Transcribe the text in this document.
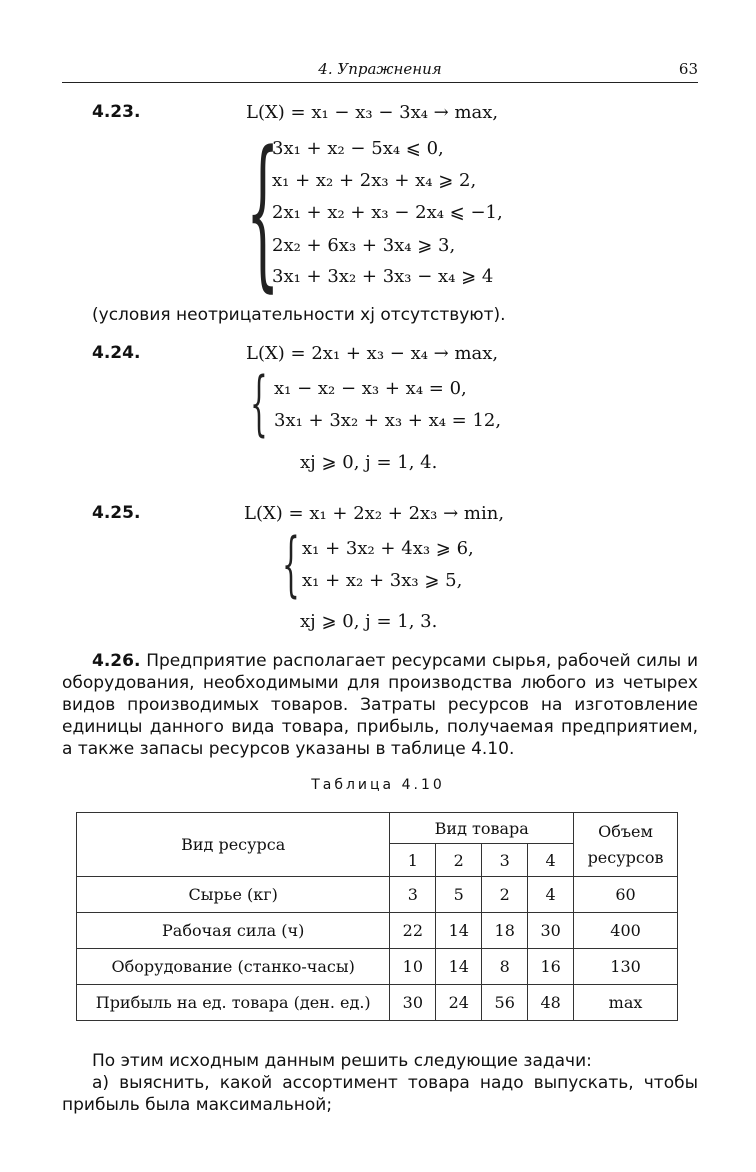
4. Упражнения	63
4.23.	L(X) = x₁ − x₃ − 3x₄ → max,
{
3x₁ + x₂ − 5x₄ ⩽ 0,
x₁ + x₂ + 2x₃ + x₄ ⩾ 2,
2x₁ + x₂ + x₃ − 2x₄ ⩽ −1,
2x₂ + 6x₃ + 3x₄ ⩾ 3,
3x₁ + 3x₂ + 3x₃ − x₄ ⩾ 4
(условия неотрицательности xj отсутствуют).
4.24.	L(X) = 2x₁ + x₃ − x₄ → max,
{ x₁ − x₂ − x₃ + x₄ = 0,
3x₁ + 3x₂ + x₃ + x₄ = 12,
xj ⩾ 0, j = 1, 4.
4.25.	L(X) = x₁ + 2x₂ + 2x₃ → min,
{ x₁ + 3x₂ + 4x₃ ⩾ 6,
x₁ + x₂ + 3x₃ ⩾ 5,
xj ⩾ 0, j = 1, 3.
4.26. Предприятие располагает ресурсами сырья, рабочей силы и оборудования, необходимыми для производства любого из четырех видов производимых товаров. Затраты ресурсов на изготовление единицы данного вида товара, прибыль, получаемая предприятием, а также запасы ресурсов указаны в таблице 4.10.
Таблица 4.10
Вид ресурса	Вид товара				Объем ресурсов
	1	2	3	4	
Сырье (кг)	3	5	2	4	60
Рабочая сила (ч)	22	14	18	30	400
Оборудование (станко-часы)	10	14	8	16	130
Прибыль на ед. товара (ден. ед.)	30	24	56	48	max
По этим исходным данным решить следующие задачи:
а) выяснить, какой ассортимент товара надо выпускать, чтобы прибыль была максимальной;
